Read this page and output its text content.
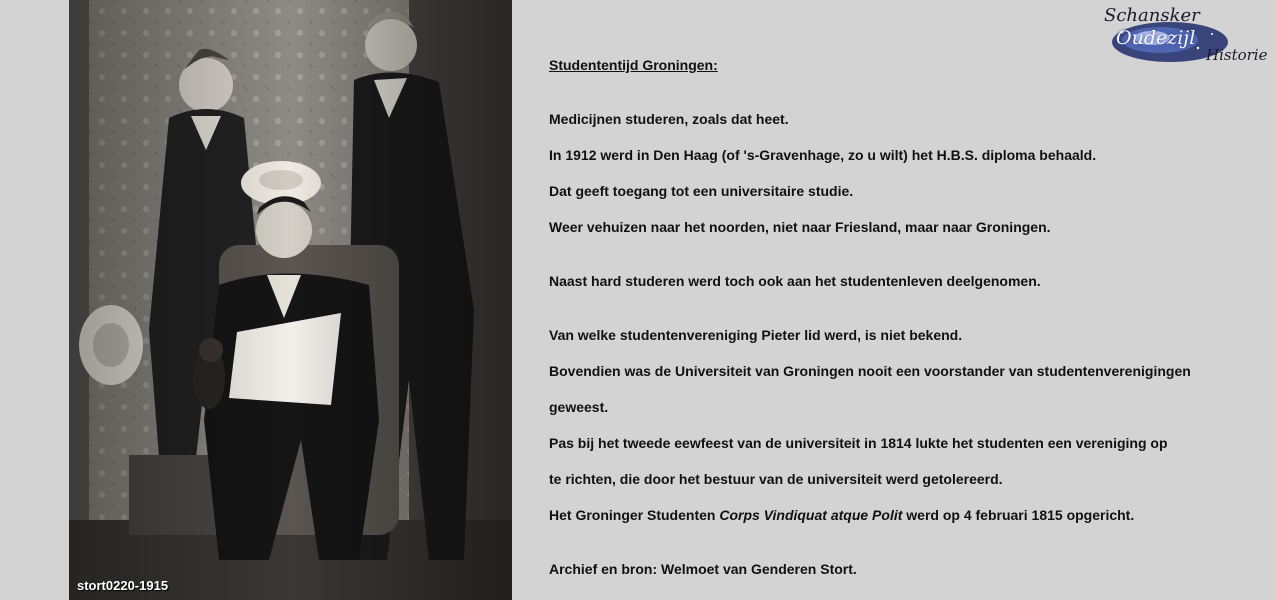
stort0220-1915
Schansker
Oudezijl
Historie

Studententijd Groningen:

Medicijnen studeren, zoals dat heet.

In 1912 werd in Den Haag (of 's-Gravenhage, zo u wilt) het H.B.S. diploma behaald.

Dat geeft toegang tot een universitaire studie.

Weer vehuizen naar het noorden, niet naar Friesland, maar naar Groningen.

Naast hard studeren werd toch ook aan het studentenleven deelgenomen.

Van welke studentenvereniging Pieter lid werd, is niet bekend.

Bovendien was de Universiteit van Groningen nooit een voorstander van studentenverenigingen

geweest.

Pas bij het tweede eewfeest van de universiteit in 1814 lukte het studenten een vereniging op

te richten, die door het bestuur van de universiteit werd getolereerd.

Het Groninger Studenten Corps Vindiquat atque Polit werd op 4 februari 1815 opgericht.

Archief en bron: Welmoet van Genderen Stort.
